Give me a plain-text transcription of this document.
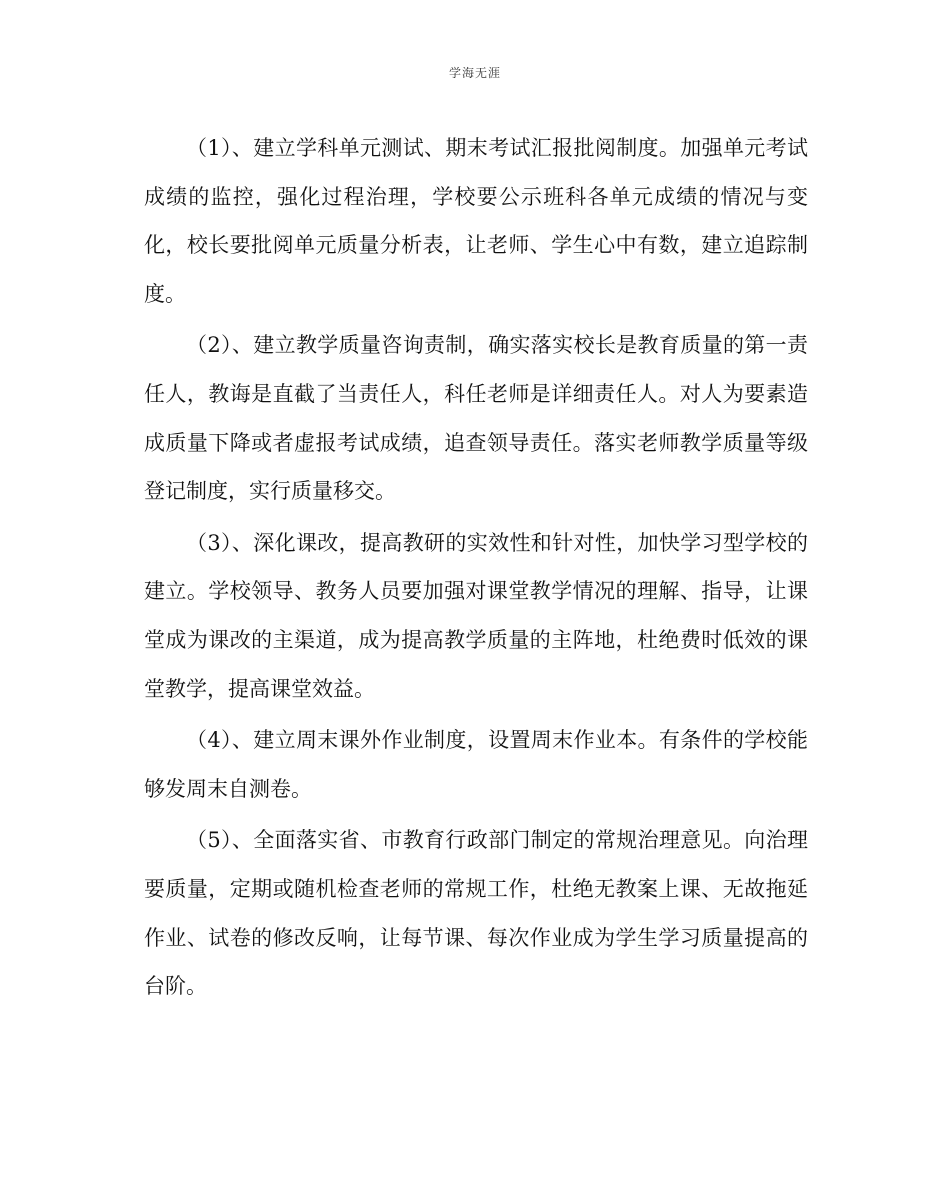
学海无涯

（1）、建立学科单元测试、期末考试汇报批阅制度。加强单元考试成绩的监控，强化过程治理，学校要公示班科各单元成绩的情况与变化，校长要批阅单元质量分析表，让老师、学生心中有数，建立追踪制度。

（2）、建立教学质量咨询责制，确实落实校长是教育质量的第一责任人，教诲是直截了当责任人，科任老师是详细责任人。对人为要素造成质量下降或者虚报考试成绩，追查领导责任。落实老师教学质量等级登记制度，实行质量移交。

（3）、深化课改，提高教研的实效性和针对性，加快学习型学校的建立。学校领导、教务人员要加强对课堂教学情况的理解、指导，让课堂成为课改的主渠道，成为提高教学质量的主阵地，杜绝费时低效的课堂教学，提高课堂效益。

（4）、建立周末课外作业制度，设置周末作业本。有条件的学校能够发周末自测卷。

（5）、全面落实省、市教育行政部门制定的常规治理意见。向治理要质量，定期或随机检查老师的常规工作，杜绝无教案上课、无故拖延作业、试卷的修改反响，让每节课、每次作业成为学生学习质量提高的台阶。
